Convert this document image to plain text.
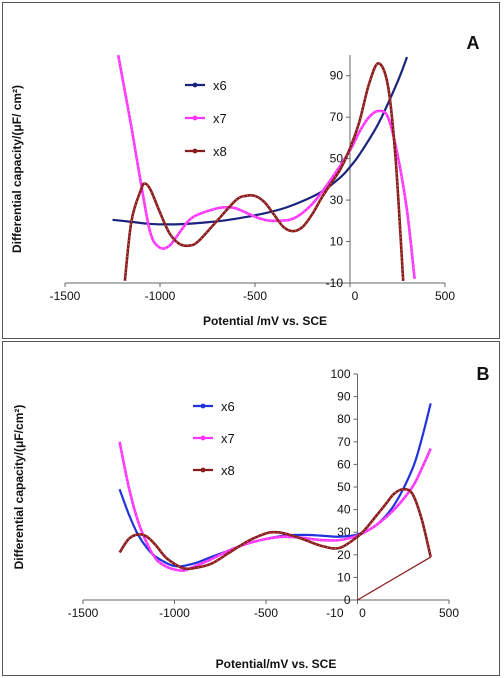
-1500	-1000	-500	0	500
-10
10
30
50
70
90
x6
x7
x8
A
Differential capacity/(μF/ cm²)
Potential /mV vs. SCE
-1500	-1000	-500	0	500
0
10
20
30
40
50
60
70
80
90
100
-10
x6
x7
x8
B
Differential capacity/(μF/cm²)
Potential/mV vs. SCE
